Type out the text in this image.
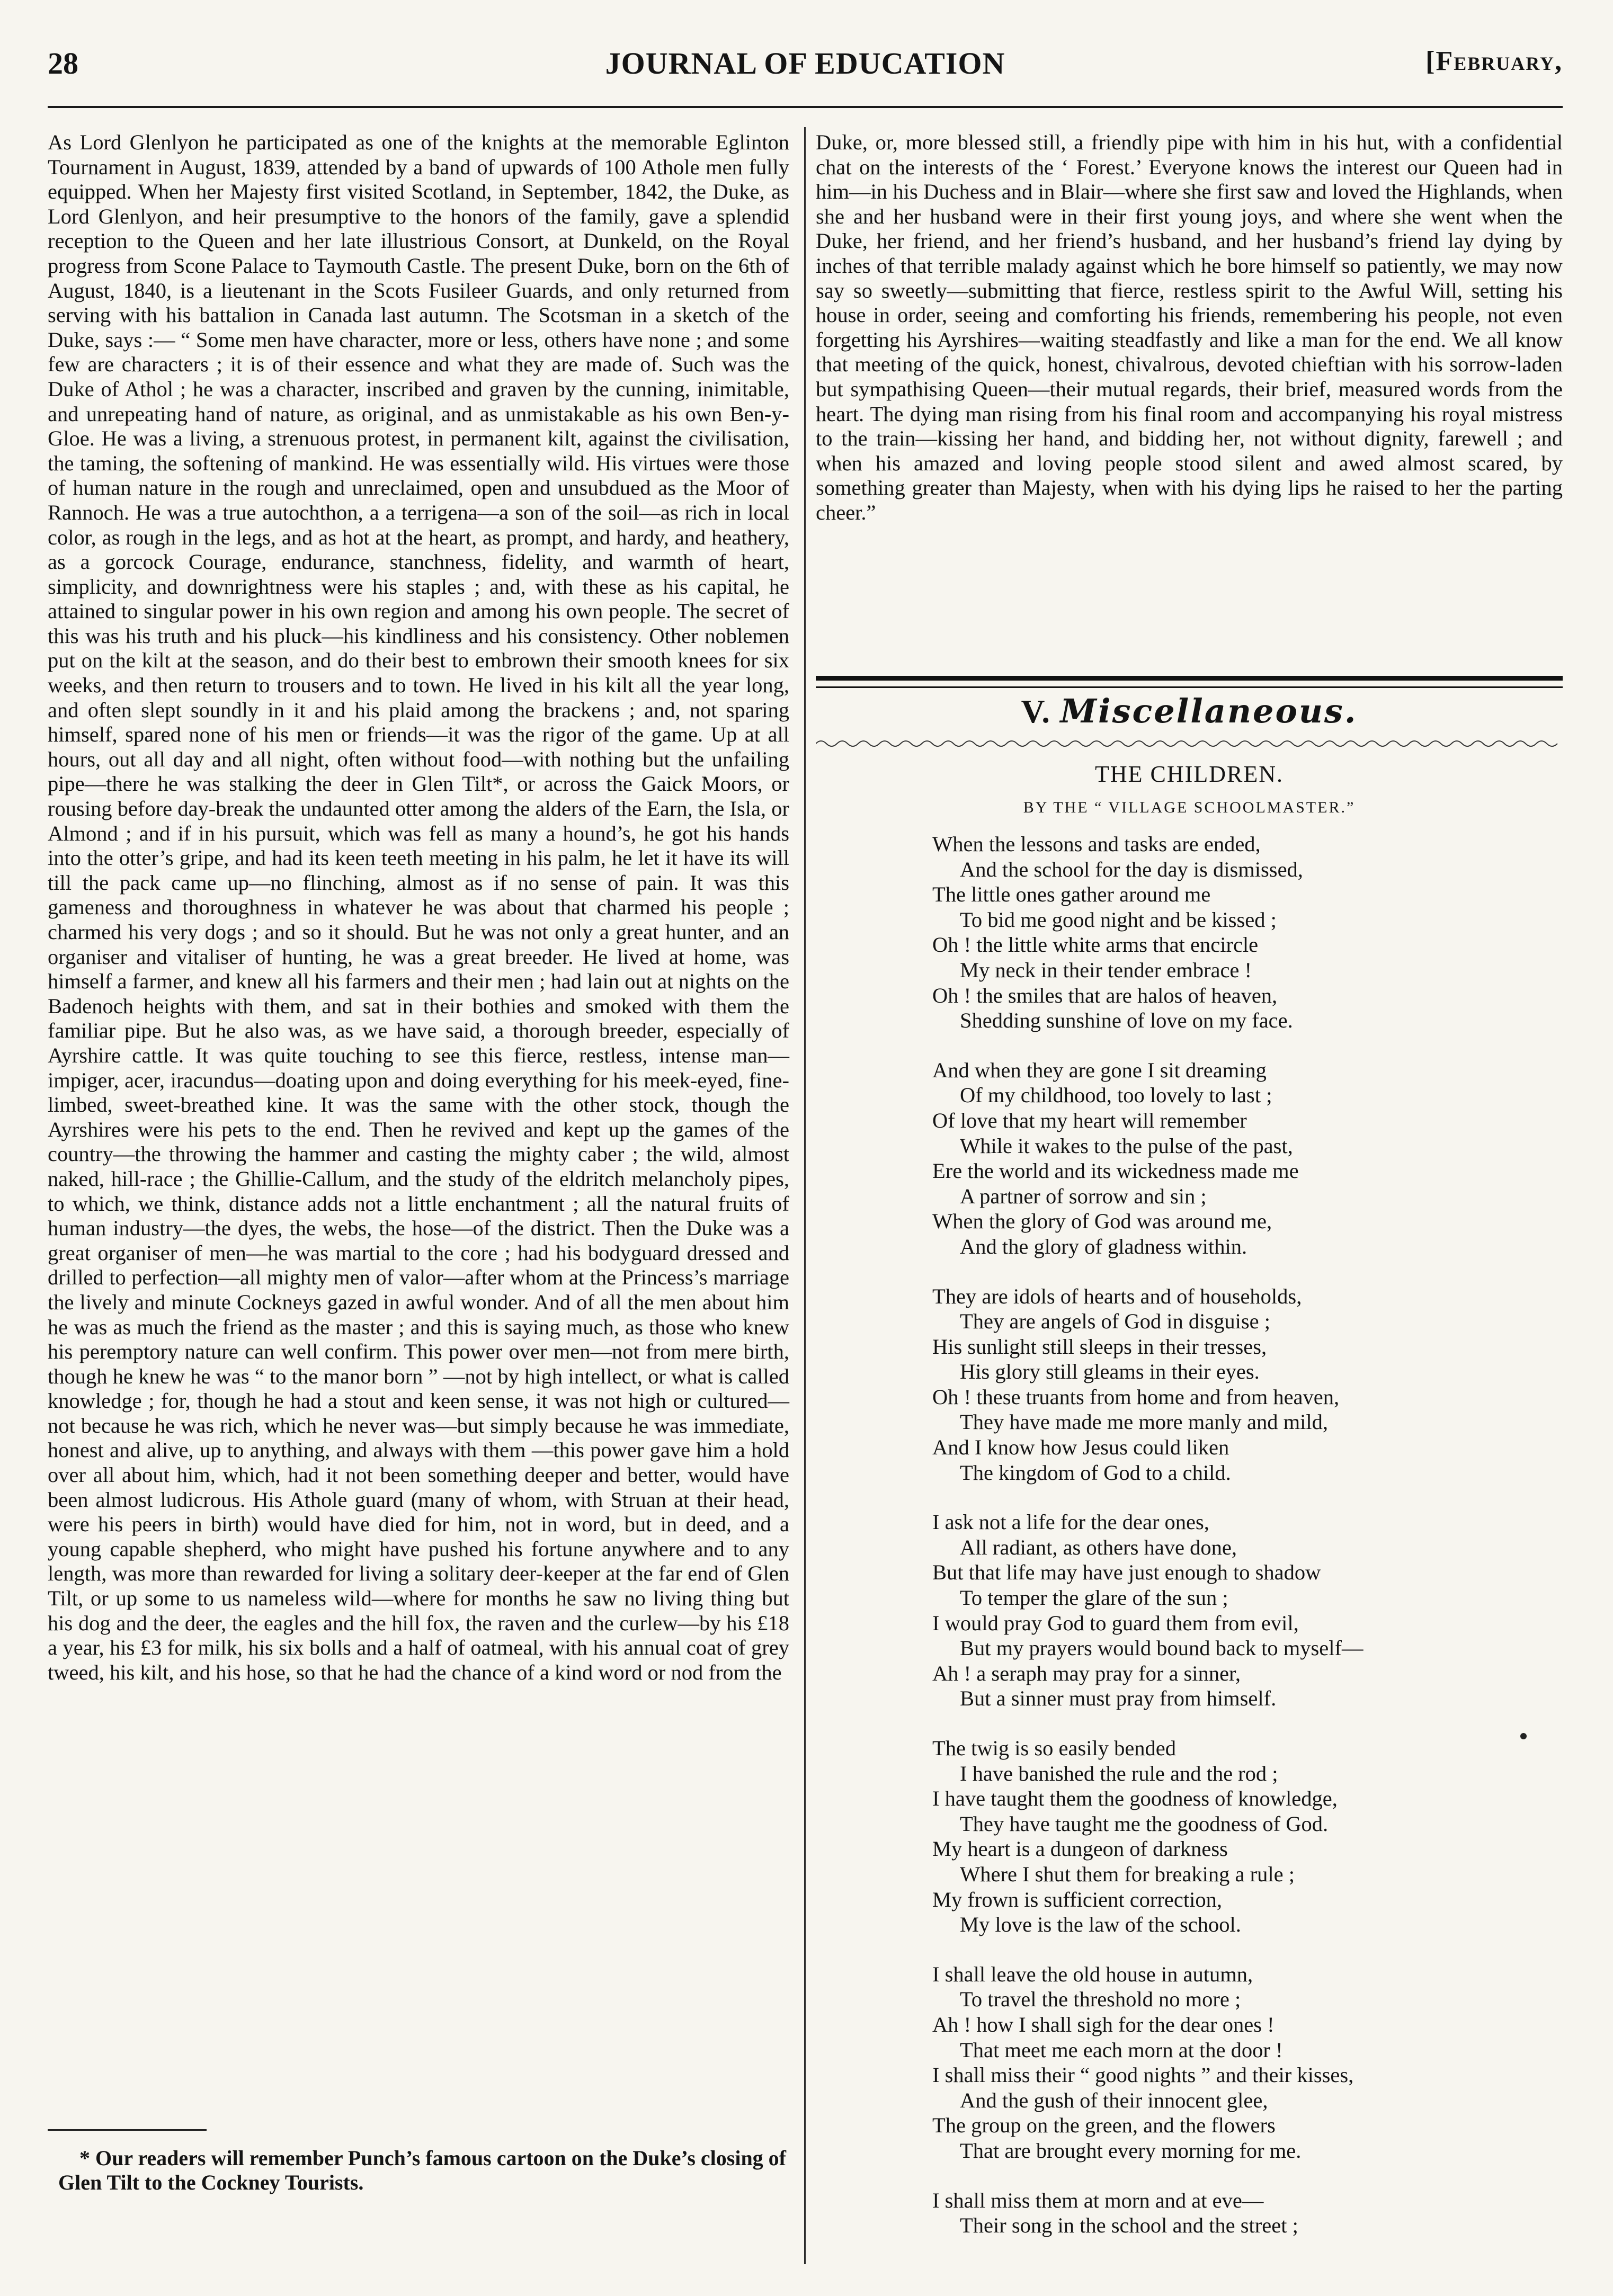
28	JOURNAL OF EDUCATION	[February,

As Lord Glenlyon he participated as one of the knights at the memorable Eglinton Tournament in August, 1839, attended by a band of upwards of 100 Athole men fully equipped. When her Majesty first visited Scotland, in September, 1842, the Duke, as Lord Glenlyon, and heir presumptive to the honors of the family, gave a splendid reception to the Queen and her late illustrious Consort, at Dunkeld, on the Royal progress from Scone Palace to Taymouth Castle. The present Duke, born on the 6th of August, 1840, is a lieutenant in the Scots Fusileer Guards, and only returned from serving with his battalion in Canada last autumn. The Scotsman in a sketch of the Duke, says :— “ Some men have character, more or less, others have none ; and some few are characters ; it is of their essence and what they are made of. Such was the Duke of Athol ; he was a character, inscribed and graven by the cunning, inimitable, and unrepeating hand of nature, as original, and as unmistakable as his own Ben-y-Gloe. He was a living, a strenuous protest, in permanent kilt, against the civilisation, the taming, the softening of mankind. He was essentially wild. His virtues were those of human nature in the rough and unreclaimed, open and unsubdued as the Moor of Rannoch. He was a true autochthon, a a terrigena—a son of the soil—as rich in local color, as rough in the legs, and as hot at the heart, as prompt, and hardy, and heathery, as a gorcock Courage, endurance, stanchness, fidelity, and warmth of heart, simplicity, and downrightness were his staples ; and, with these as his capital, he attained to singular power in his own region and among his own people. The secret of this was his truth and his pluck—his kindliness and his consistency. Other noblemen put on the kilt at the season, and do their best to embrown their smooth knees for six weeks, and then return to trousers and to town. He lived in his kilt all the year long, and often slept soundly in it and his plaid among the brackens ; and, not sparing himself, spared none of his men or friends—it was the rigor of the game. Up at all hours, out all day and all night, often without food—with nothing but the unfailing pipe—there he was stalking the deer in Glen Tilt*, or across the Gaick Moors, or rousing before day-break the undaunted otter among the alders of the Earn, the Isla, or Almond ; and if in his pursuit, which was fell as many a hound’s, he got his hands into the otter’s gripe, and had its keen teeth meeting in his palm, he let it have its will till the pack came up—no flinching, almost as if no sense of pain. It was this gameness and thoroughness in whatever he was about that charmed his people ; charmed his very dogs ; and so it should. But he was not only a great hunter, and an organiser and vitaliser of hunting, he was a great breeder. He lived at home, was himself a farmer, and knew all his farmers and their men ; had lain out at nights on the Badenoch heights with them, and sat in their bothies and smoked with them the familiar pipe. But he also was, as we have said, a thorough breeder, especially of Ayrshire cattle. It was quite touching to see this fierce, restless, intense man—impiger, acer, iracundus—doating upon and doing everything for his meek-eyed, fine-limbed, sweet-breathed kine. It was the same with the other stock, though the Ayrshires were his pets to the end. Then he revived and kept up the games of the country—the throwing the hammer and casting the mighty caber ; the wild, almost naked, hill-race ; the Ghillie-Callum, and the study of the eldritch melancholy pipes, to which, we think, distance adds not a little enchantment ; all the natural fruits of human industry—the dyes, the webs, the hose—of the district. Then the Duke was a great organiser of men—he was martial to the core ; had his bodyguard dressed and drilled to perfection—all mighty men of valor—after whom at the Princess’s marriage the lively and minute Cockneys gazed in awful wonder. And of all the men about him he was as much the friend as the master ; and this is saying much, as those who knew his peremptory nature can well confirm. This power over men—not from mere birth, though he knew he was “ to the manor born ” —not by high intellect, or what is called knowledge ; for, though he had a stout and keen sense, it was not high or cultured—not because he was rich, which he never was—but simply because he was immediate, honest and alive, up to anything, and always with them —this power gave him a hold over all about him, which, had it not been something deeper and better, would have been almost ludicrous. His Athole guard (many of whom, with Struan at their head, were his peers in birth) would have died for him, not in word, but in deed, and a young capable shepherd, who might have pushed his fortune anywhere and to any length, was more than rewarded for living a solitary deer-keeper at the far end of Glen Tilt, or up some to us nameless wild—where for months he saw no living thing but his dog and the deer, the eagles and the hill fox, the raven and the curlew—by his £18 a year, his £3 for milk, his six bolls and a half of oatmeal, with his annual coat of grey tweed, his kilt, and his hose, so that he had the chance of a kind word or nod from the

* Our readers will remember Punch’s famous cartoon on the Duke’s closing of Glen Tilt to the Cockney Tourists.

Duke, or, more blessed still, a friendly pipe with him in his hut, with a confidential chat on the interests of the ‘ Forest.’ Everyone knows the interest our Queen had in him—in his Duchess and in Blair—where she first saw and loved the Highlands, when she and her husband were in their first young joys, and where she went when the Duke, her friend, and her friend’s husband, and her husband’s friend lay dying by inches of that terrible malady against which he bore himself so patiently, we may now say so sweetly—submitting that fierce, restless spirit to the Awful Will, setting his house in order, seeing and comforting his friends, remembering his people, not even forgetting his Ayrshires—waiting steadfastly and like a man for the end. We all know that meeting of the quick, honest, chivalrous, devoted chieftian with his sorrow-laden but sympathising Queen—their mutual regards, their brief, measured words from the heart. The dying man rising from his final room and accompanying his royal mistress to the train—kissing her hand, and bidding her, not without dignity, farewell ; and when his amazed and loving people stood silent and awed almost scared, by something greater than Majesty, when with his dying lips he raised to her the parting cheer.”

V. Miscellaneous.
THE CHILDREN.
BY THE “ VILLAGE SCHOOLMASTER.”
When the lessons and tasks are ended,
And the school for the day is dismissed,
The little ones gather around me
To bid me good night and be kissed ;
Oh ! the little white arms that encircle
My neck in their tender embrace !
Oh ! the smiles that are halos of heaven,
Shedding sunshine of love on my face.
And when they are gone I sit dreaming
Of my childhood, too lovely to last ;
Of love that my heart will remember
While it wakes to the pulse of the past,
Ere the world and its wickedness made me
A partner of sorrow and sin ;
When the glory of God was around me,
And the glory of gladness within.
They are idols of hearts and of households,
They are angels of God in disguise ;
His sunlight still sleeps in their tresses,
His glory still gleams in their eyes.
Oh ! these truants from home and from heaven,
They have made me more manly and mild,
And I know how Jesus could liken
The kingdom of God to a child.
I ask not a life for the dear ones,
All radiant, as others have done,
But that life may have just enough to shadow
To temper the glare of the sun ;
I would pray God to guard them from evil,
But my prayers would bound back to myself—
Ah ! a seraph may pray for a sinner,
But a sinner must pray from himself.
The twig is so easily bended
I have banished the rule and the rod ;
I have taught them the goodness of knowledge,
They have taught me the goodness of God.
My heart is a dungeon of darkness
Where I shut them for breaking a rule ;
My frown is sufficient correction,
My love is the law of the school.
I shall leave the old house in autumn,
To travel the threshold no more ;
Ah ! how I shall sigh for the dear ones !
That meet me each morn at the door !
I shall miss their “ good nights ” and their kisses,
And the gush of their innocent glee,
The group on the green, and the flowers
That are brought every morning for me.
I shall miss them at morn and at eve—
Their song in the school and the street ;
